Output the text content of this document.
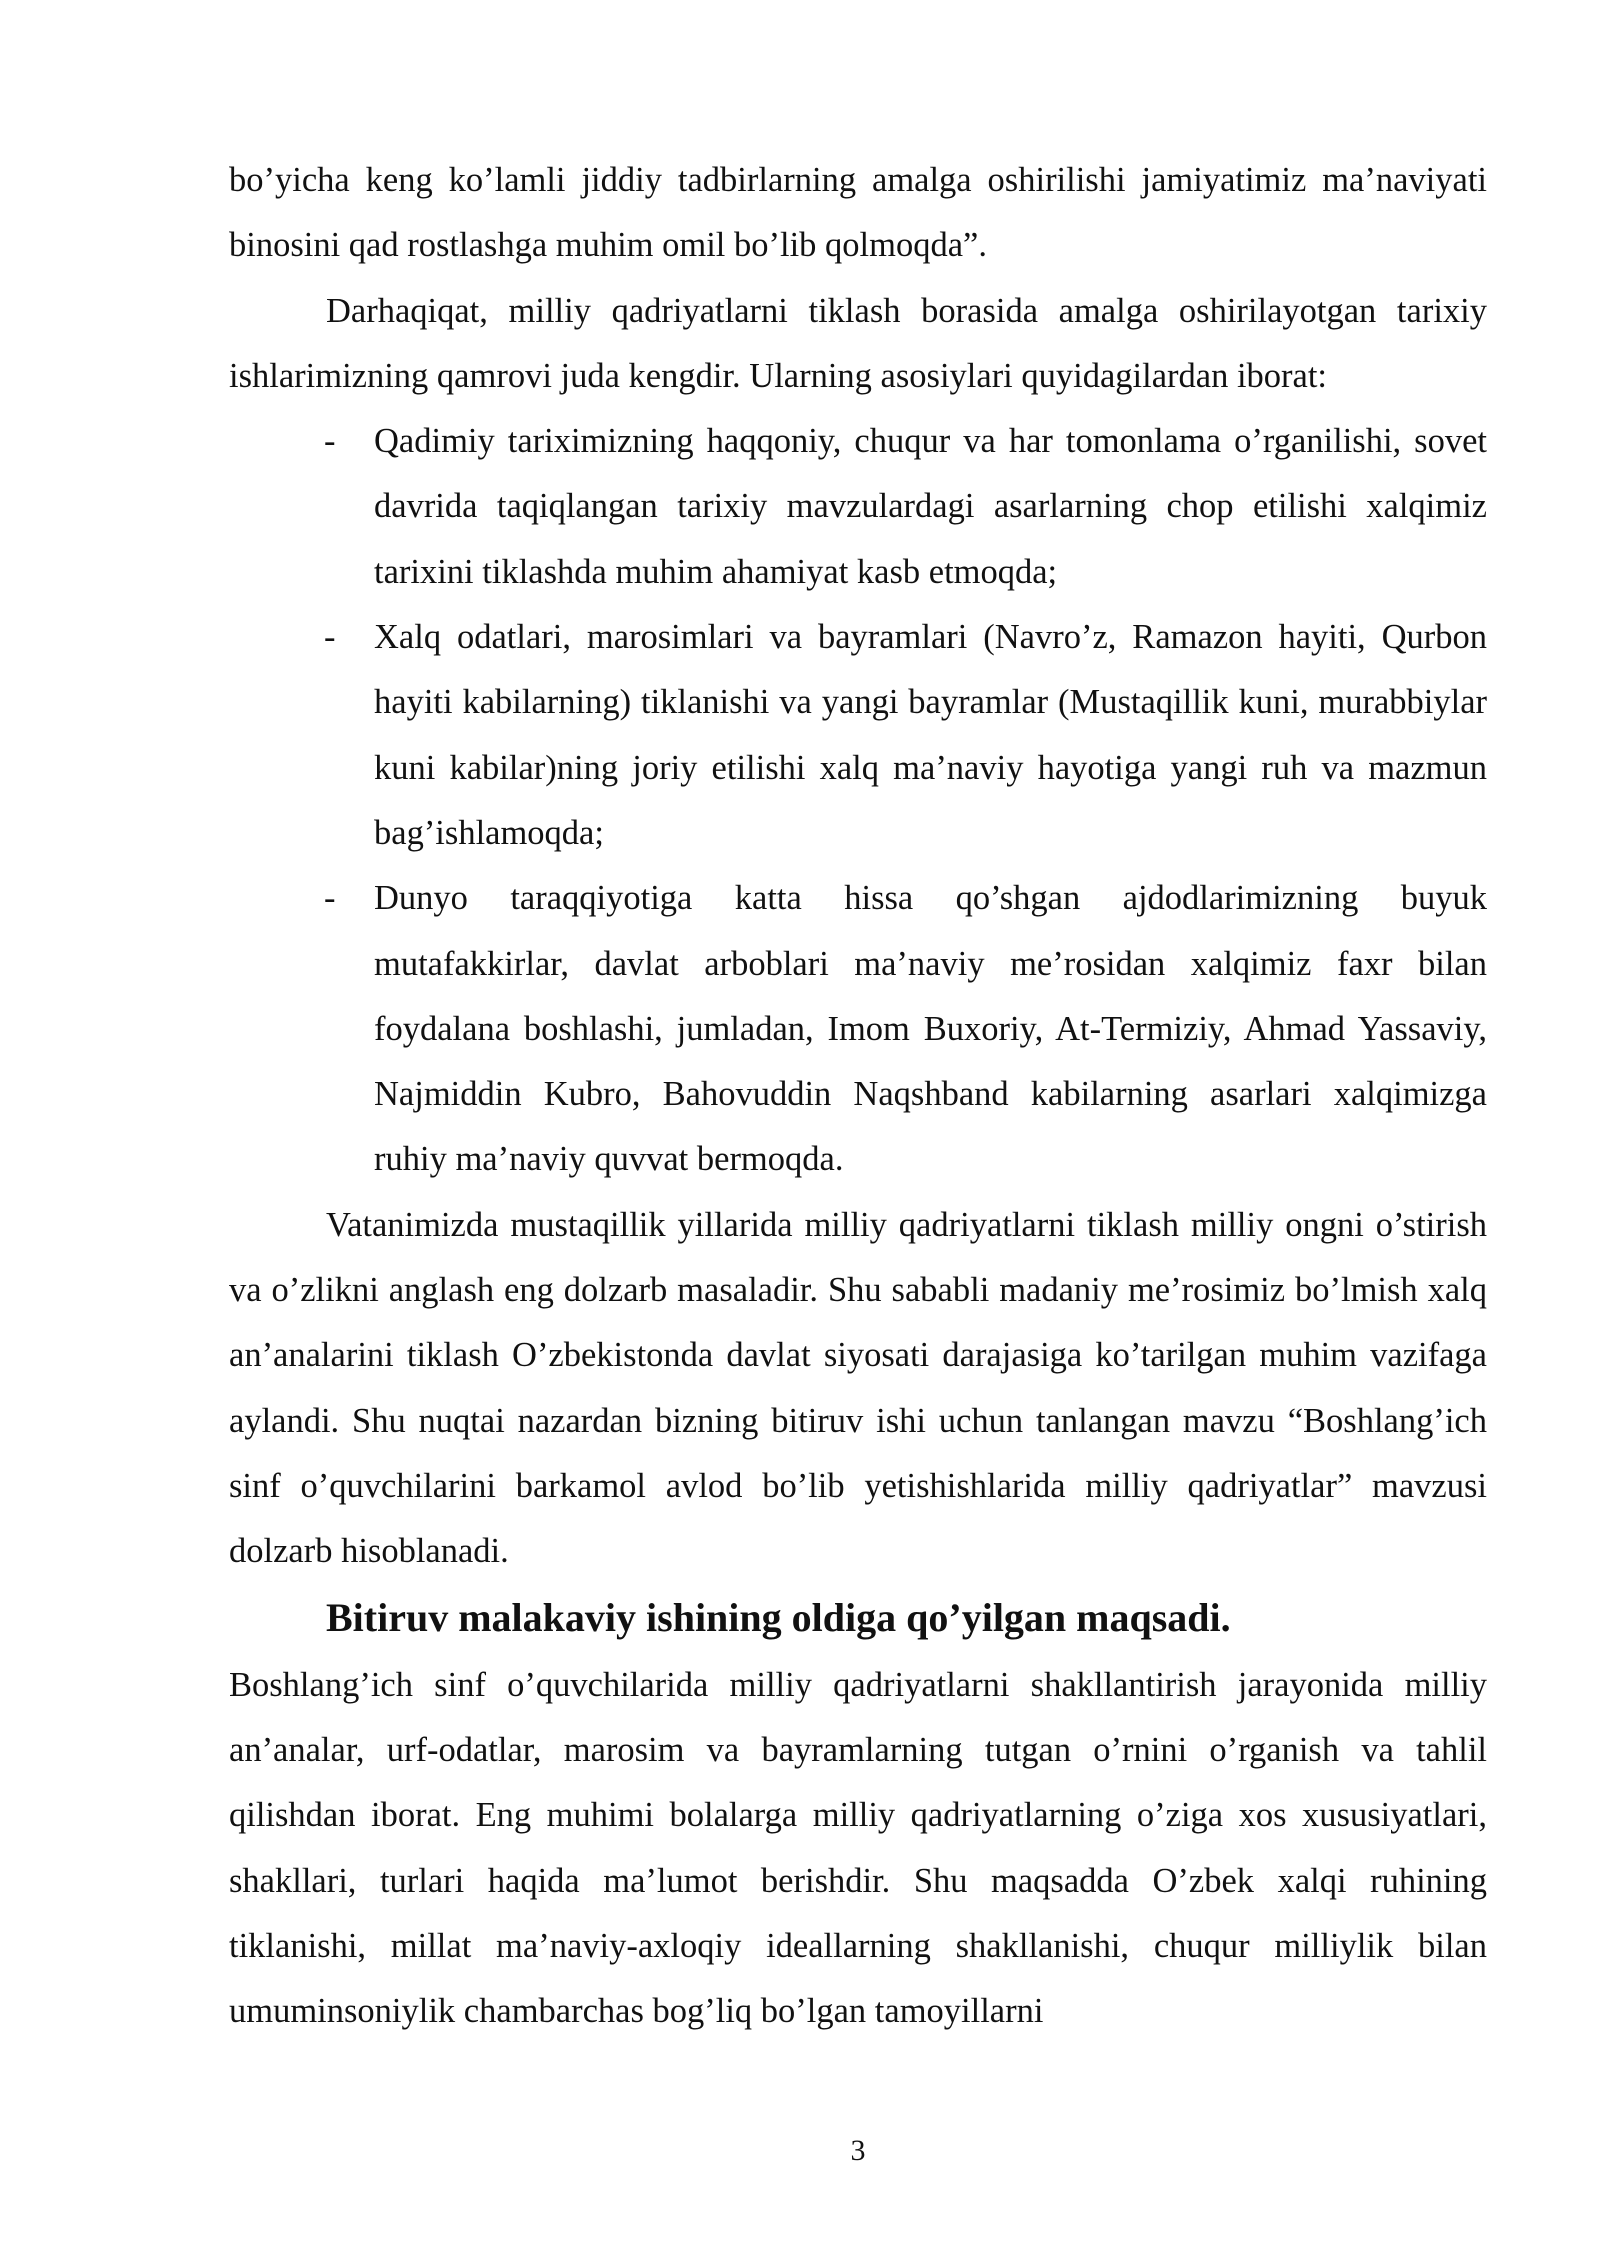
bo’yicha keng ko’lamli jiddiy tadbirlarning amalga oshirilishi jamiyatimiz ma’naviyati binosini qad rostlashga muhim omil bo’lib qolmoqda”.

Darhaqiqat, milliy qadriyatlarni tiklash borasida amalga oshirilayotgan tarixiy ishlarimizning qamrovi juda kengdir. Ularning asosiylari quyidagilardan iborat:

- Qadimiy tariximizning haqqoniy, chuqur va har tomonlama o’rganilishi, sovet davrida taqiqlangan tarixiy mavzulardagi asarlarning chop etilishi xalqimiz tarixini tiklashda muhim ahamiyat kasb etmoqda;
- Xalq odatlari, marosimlari va bayramlari (Navro’z, Ramazon hayiti, Qurbon hayiti kabilarning) tiklanishi va yangi bayramlar (Mustaqillik kuni, murabbiylar kuni kabilar)ning joriy etilishi xalq ma’naviy hayotiga yangi ruh va mazmun bag’ishlamoqda;
- Dunyo taraqqiyotiga katta hissa qo’shgan ajdodlarimizning buyuk mutafakkirlar, davlat arboblari ma’naviy me’rosidan xalqimiz faxr bilan foydalana boshlashi, jumladan, Imom Buxoriy, At-Termiziy, Ahmad Yassaviy, Najmiddin Kubro, Bahovuddin Naqshband kabilarning asarlari xalqimizga ruhiy ma’naviy quvvat bermoqda.

Vatanimizda mustaqillik yillarida milliy qadriyatlarni tiklash milliy ongni o’stirish va o’zlikni anglash eng dolzarb masaladir. Shu sababli madaniy me’rosimiz bo’lmish xalq an’analarini tiklash O’zbekistonda davlat siyosati darajasiga ko’tarilgan muhim vazifaga aylandi. Shu nuqtai nazardan bizning bitiruv ishi uchun tanlangan mavzu “Boshlang’ich sinf o’quvchilarini barkamol avlod bo’lib yetishishlarida milliy qadriyatlar” mavzusi dolzarb hisoblanadi.

Bitiruv malakaviy ishining oldiga qo’yilgan maqsadi.

Boshlang’ich sinf o’quvchilarida milliy qadriyatlarni shakllantirish jarayonida milliy an’analar, urf-odatlar, marosim va bayramlarning tutgan o’rnini o’rganish va tahlil qilishdan iborat. Eng muhimi bolalarga milliy qadriyatlarning o’ziga xos xususiyatlari, shakllari, turlari haqida ma’lumot berishdir. Shu maqsadda O’zbek xalqi ruhining tiklanishi, millat ma’naviy-axloqiy ideallarning shakllanishi, chuqur milliylik bilan umuminsoniylik chambarchas bog’liq bo’lgan tamoyillarni

3
